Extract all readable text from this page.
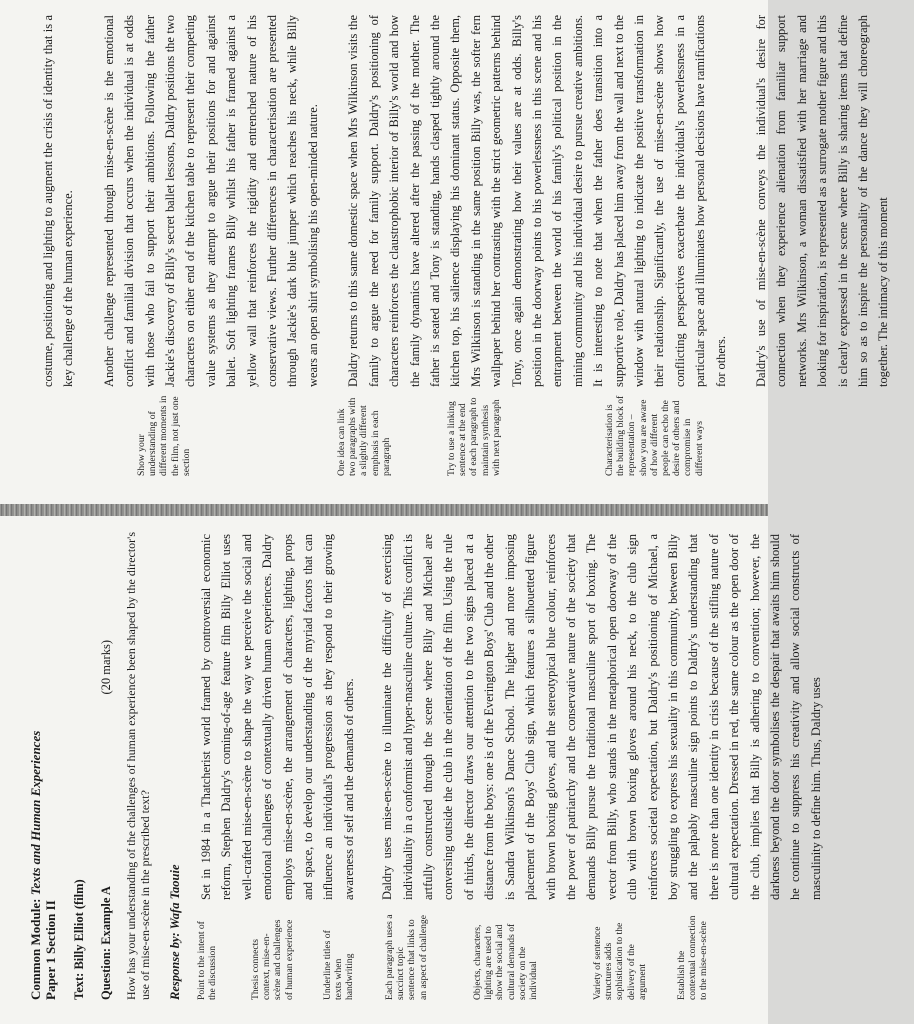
Common Module: Texts and Human Experiences
Paper 1 Section II Text: Billy Elliot (film) Question: Example A
(20 marks) How has your understanding of the challenges of human experience been shaped by the director's use of mise-en-scène in the prescribed text? Response by: Wafa Taouie Point to the intent of the discussion	Thesis connects context, mise-en-scène and challenges of human experience	Underline titles of texts when handwriting	Each paragraph uses a succinct topic sentence that links to an aspect of challenge	Objects, characters, lighting are used to show the social and cultural demands of society on the individual	Variety of sentence structures adds sophistication to the delivery of the argument	Establish the contextual connection to the mise-en-scène

Set in 1984 in a Thatcherist world framed by controversial economic reform, Stephen Daldry's coming-of-age feature film Billy Elliot uses well-crafted mise-en-scène to shape the way we perceive the social and emotional challenges of contextually driven human experiences. Daldry employs mise-en-scène, the arrangement of characters, lighting, props and space, to develop our understanding of the myriad factors that can influence an individual's progression as they respond to their growing awareness of self and the demands of others. Daldry uses mise-en-scène to illuminate the difficulty of exercising individuality in a conformist and hyper-masculine culture. This conflict is artfully constructed through the scene where Billy and Michael are conversing outside the club in the orientation of the film. Using the rule of thirds, the director draws our attention to the two signs placed at a distance from the boys: one is of the Everington Boys' Club and the other is Sandra Wilkinson's Dance School. The higher and more imposing placement of the Boys' Club sign, which features a silhouetted figure with brown boxing gloves, and the stereotypical blue colour, reinforces the power of patriarchy and the conservative nature of the society that demands Billy pursue the traditional masculine sport of boxing. The vector from Billy, who stands in the metaphorical open doorway of the club with brown boxing gloves around his neck, to the club sign reinforces societal expectation, but Daldry's positioning of Michael, a boy struggling to express his sexuality in this community, between Billy and the palpably masculine sign points to Daldry's understanding that there is more than one identity in crisis because of the stifling nature of cultural expectation. Dressed in red, the same colour as the open door of the club, implies that Billy is adhering to convention; however, the darkness beyond the door symbolises the despair that awaits him should he continue to suppress his creativity and allow social constructs of masculinity to define him. Thus, Daldry uses

Show your understanding of different moments in the film, not just one section	One idea can link two paragraphs with a slightly different emphasis in each paragraph	Try to use a linking sentence at the end of each paragraph to maintain synthesis with next paragraph	Characterisation is the building block of representation – show you are aware of how different people can echo the desire of others and compromise in different ways

costume, positioning and lighting to augment the crisis of identity that is a key challenge of the human experience. Another challenge represented through mise-en-scène is the emotional conflict and familial division that occurs when the individual is at odds with those who fail to support their ambitions. Following the father Jackie's discovery of Billy's secret ballet lessons, Daldry positions the two characters on either end of the kitchen table to represent their competing value systems as they attempt to argue their positions for and against ballet. Soft lighting frames Billy whilst his father is framed against a yellow wall that reinforces the rigidity and entrenched nature of his conservative views. Further differences in characterisation are presented through Jackie's dark blue jumper which reaches his neck, while Billy wears an open shirt symbolising his open-minded nature. Daldry returns to this same domestic space when Mrs Wilkinson visits the family to argue the need for family support. Daldry's positioning of characters reinforces the claustrophobic interior of Billy's world and how the family dynamics have altered after the passing of the mother. The father is seated and Tony is standing, hands clasped tightly around the kitchen top, his salience displaying his dominant status. Opposite them, Mrs Wilkinson is standing in the same position Billy was, the softer fern wallpaper behind her contrasting with the strict geometric patterns behind Tony, once again demonstrating how their values are at odds. Billy's position in the doorway points to his powerlessness in this scene and his entrapment between the world of his family's political position in the mining community and his individual desire to pursue creative ambitions. It is interesting to note that when the father does transition into a supportive role, Daldry has placed him away from the wall and next to the window with natural lighting to indicate the positive transformation in their relationship. Significantly, the use of mise-en-scène shows how conflicting perspectives exacerbate the individual's powerlessness in a particular space and illuminates how personal decisions have ramifications for others. Daldry's use of mise-en-scène conveys the individual's desire for connection when they experience alienation from familiar support networks. Mrs Wilkinson, a woman dissatisfied with her marriage and looking for inspiration, is represented as a surrogate mother figure and this is clearly expressed in the scene where Billy is sharing items that define him so as to inspire the personality of the dance they will choreograph together. The intimacy of this moment
